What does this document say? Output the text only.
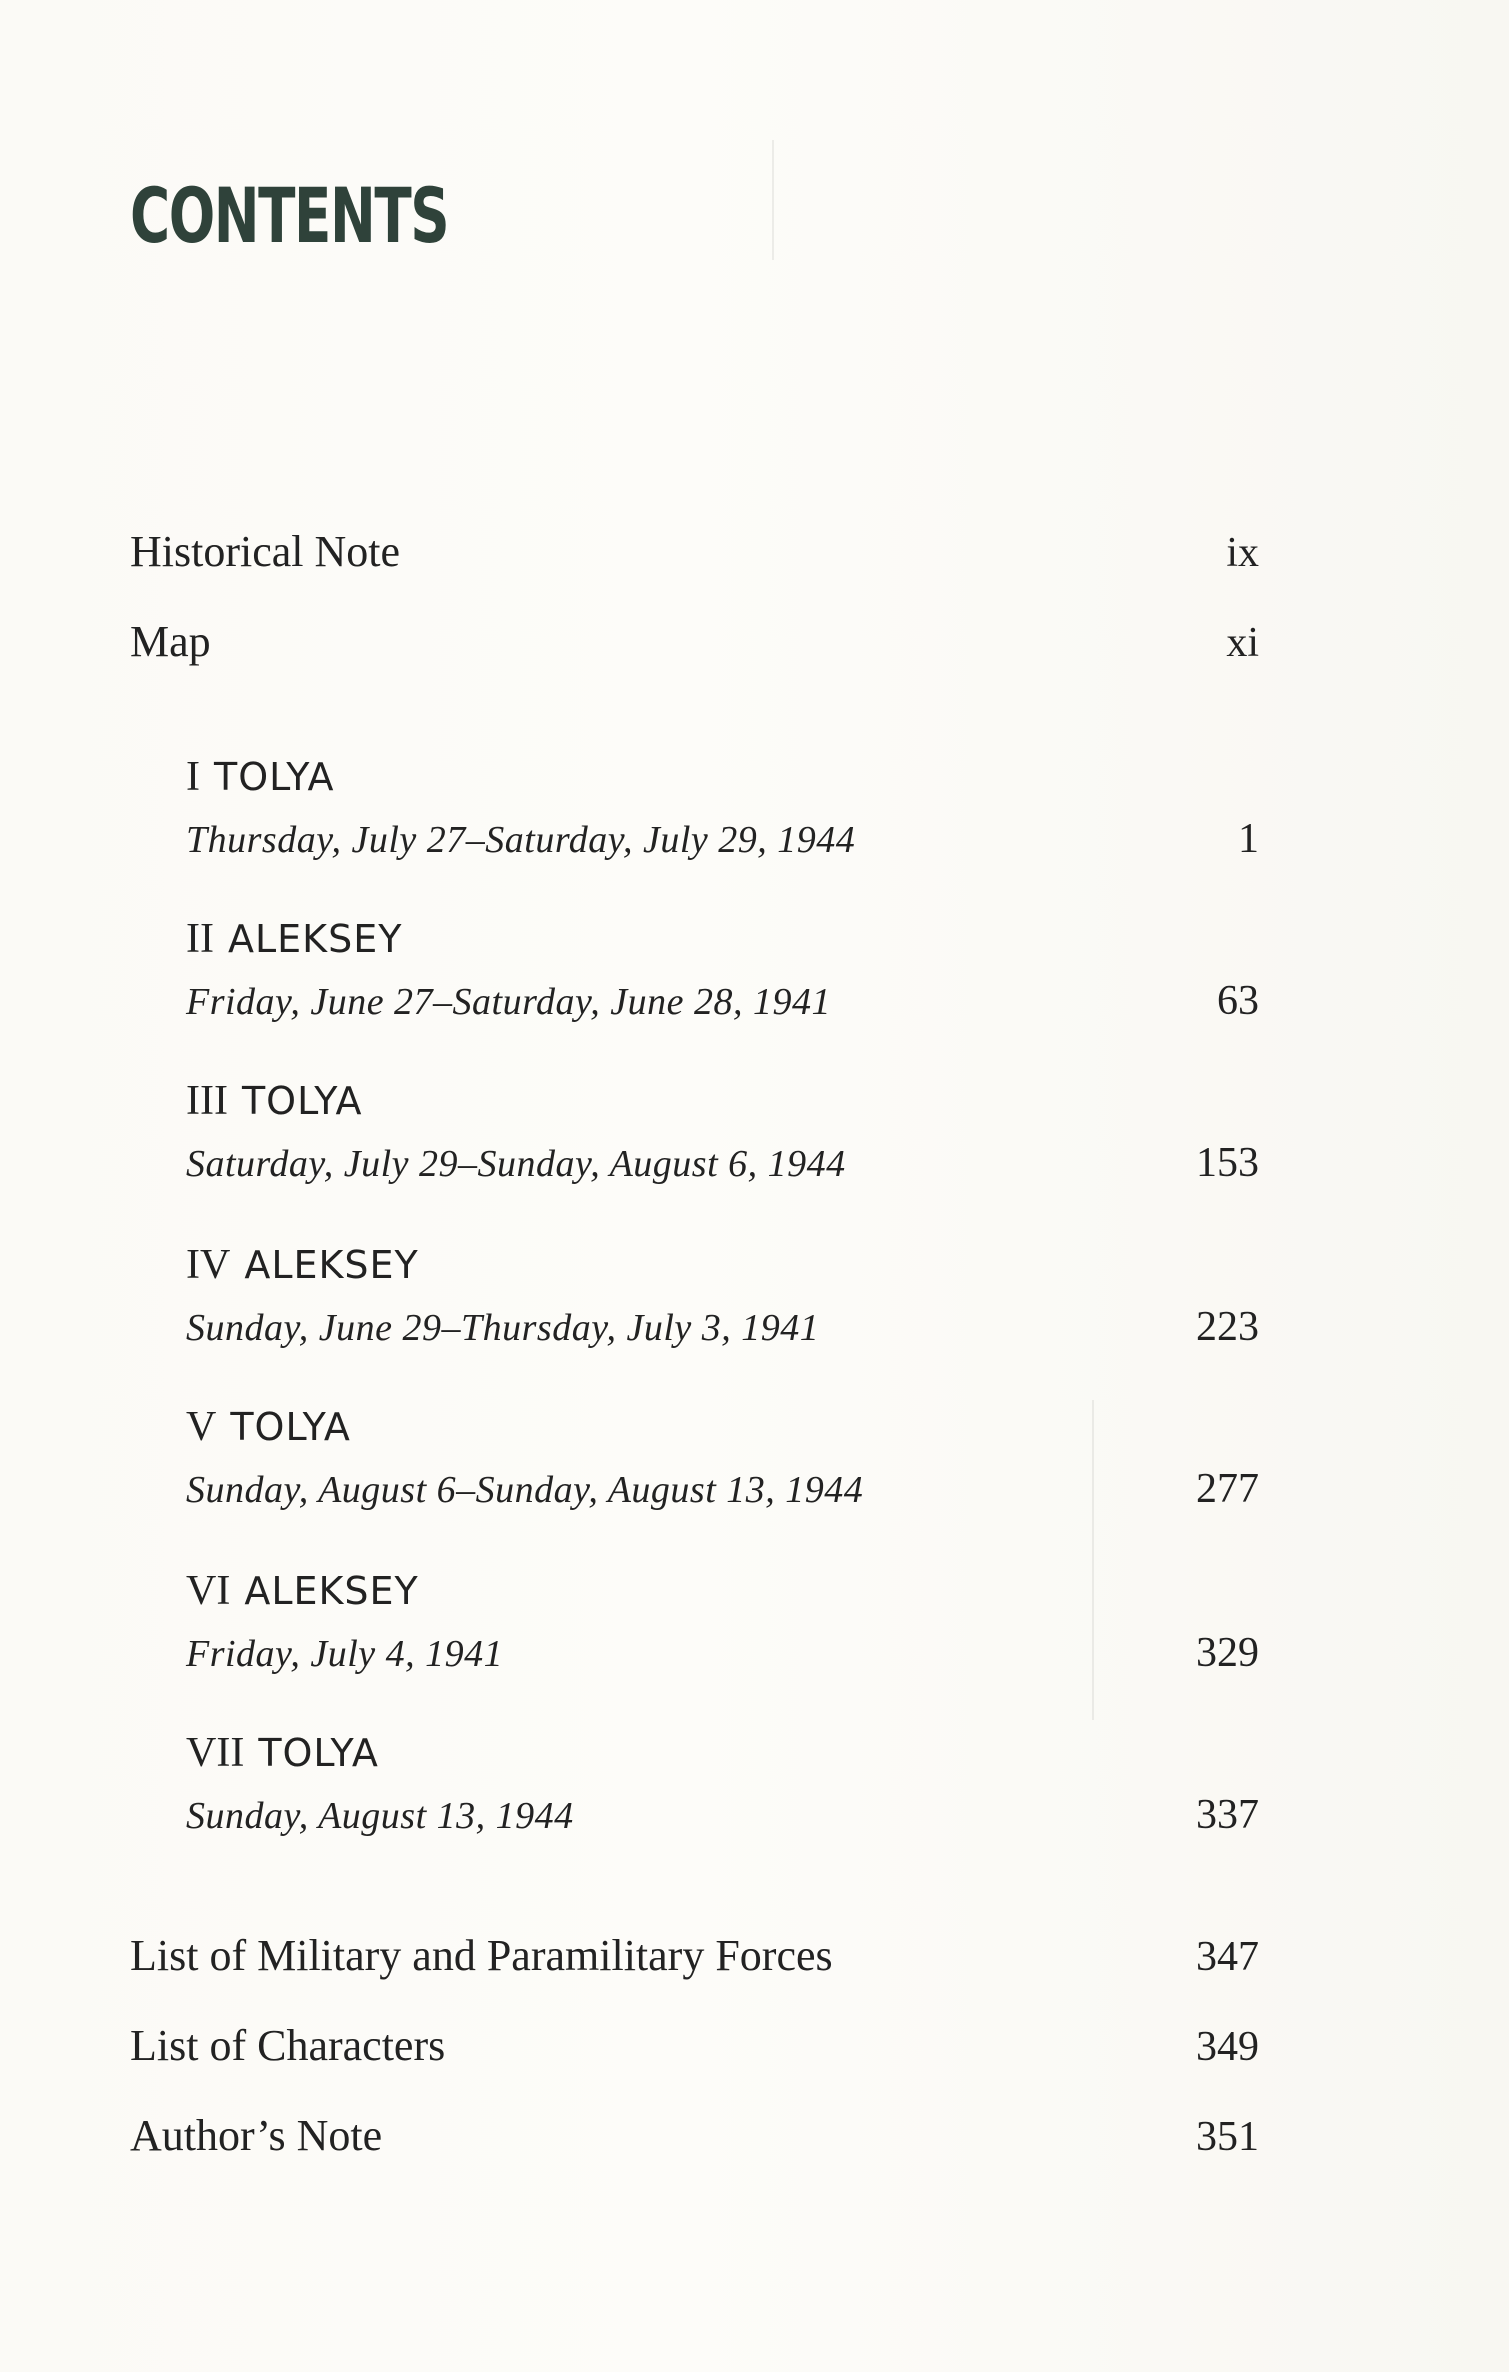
CONTENTS
Historical Note	ix
Map	xi
I TOLYA
Thursday, July 27–Saturday, July 29, 1944	1
II ALEKSEY
Friday, June 27–Saturday, June 28, 1941	63
III TOLYA
Saturday, July 29–Sunday, August 6, 1944	153
IV ALEKSEY
Sunday, June 29–Thursday, July 3, 1941	223
V TOLYA
Sunday, August 6–Sunday, August 13, 1944	277
VI ALEKSEY
Friday, July 4, 1941	329
VII TOLYA
Sunday, August 13, 1944	337
List of Military and Paramilitary Forces	347
List of Characters	349
Author’s Note	351
